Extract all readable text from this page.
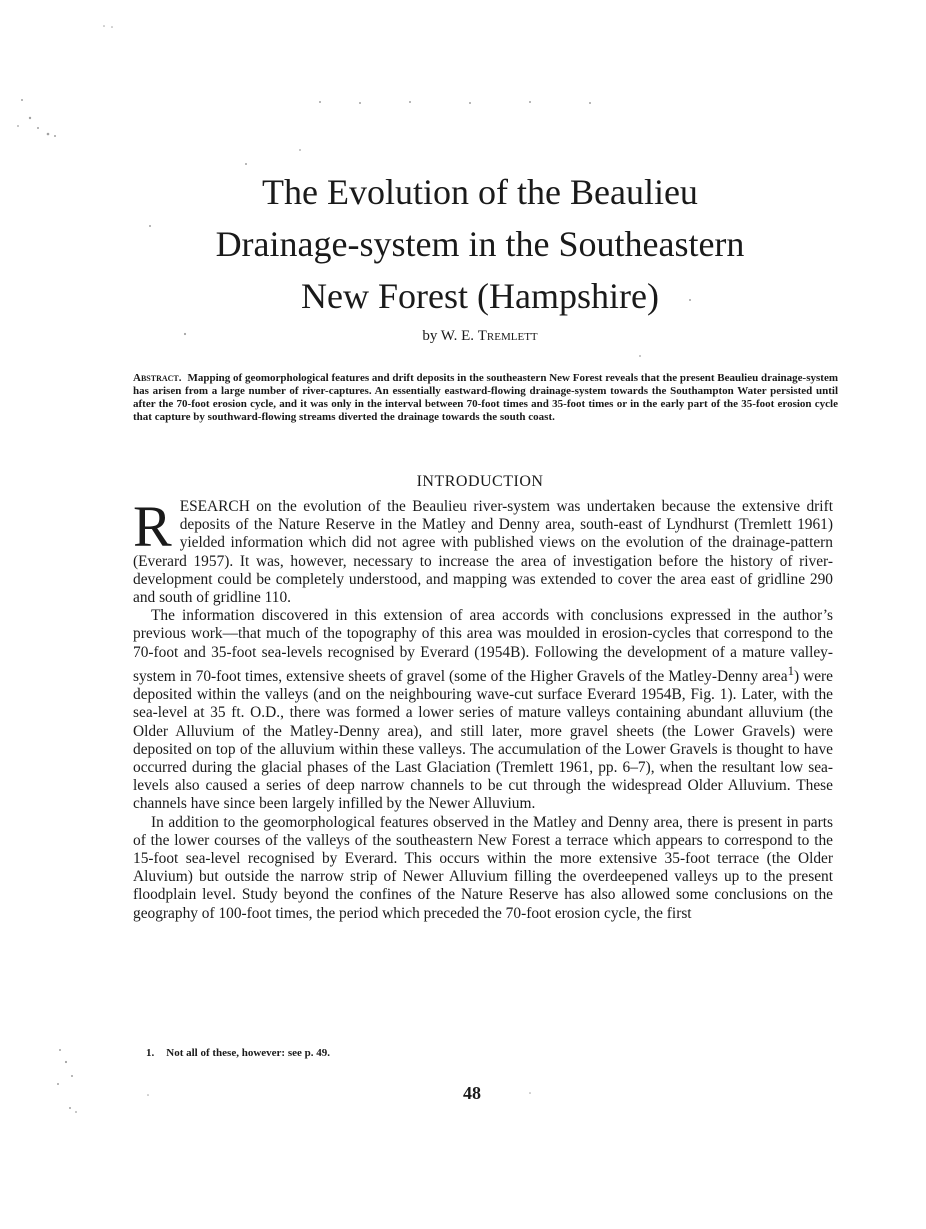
The Evolution of the Beaulieu
Drainage-system in the Southeastern
New Forest (Hampshire)
by W. E. Tremlett

Abstract. Mapping of geomorphological features and drift deposits in the southeastern New Forest reveals that the present Beaulieu drainage-system has arisen from a large number of river-captures. An essentially eastward-flowing drainage-system towards the Southampton Water persisted until after the 70-foot erosion cycle, and it was only in the interval between 70-foot times and 35-foot times or in the early part of the 35-foot erosion cycle that capture by southward-flowing streams diverted the drainage towards the south coast.

INTRODUCTION

RESEARCH on the evolution of the Beaulieu river-system was undertaken because the extensive drift deposits of the Nature Reserve in the Matley and Denny area, south-east of Lyndhurst (Tremlett 1961) yielded information which did not agree with published views on the evolution of the drainage-pattern (Everard 1957). It was, however, necessary to increase the area of investigation before the history of river-development could be completely understood, and mapping was extended to cover the area east of gridline 290 and south of gridline 110.

The information discovered in this extension of area accords with conclusions expressed in the author’s previous work—that much of the topography of this area was moulded in erosion-cycles that correspond to the 70-foot and 35-foot sea-levels recognised by Everard (1954B). Following the development of a mature valley-system in 70-foot times, extensive sheets of gravel (some of the Higher Gravels of the Matley-Denny area$^1$) were deposited within the valleys (and on the neighbouring wave-cut surface Everard 1954B, Fig. 1). Later, with the sea-level at 35 ft. O.D., there was formed a lower series of mature valleys containing abundant alluvium (the Older Alluvium of the Matley-Denny area), and still later, more gravel sheets (the Lower Gravels) were deposited on top of the alluvium within these valleys. The accumulation of the Lower Gravels is thought to have occurred during the glacial phases of the Last Glaciation (Tremlett 1961, pp. 6–7), when the resultant low sea-levels also caused a series of deep narrow channels to be cut through the widespread Older Alluvium. These channels have since been largely infilled by the Newer Alluvium.

In addition to the geomorphological features observed in the Matley and Denny area, there is present in parts of the lower courses of the valleys of the southeastern New Forest a terrace which appears to correspond to the 15-foot sea-level recognised by Everard. This occurs within the more extensive 35-foot terrace (the Older Aluvium) but outside the narrow strip of Newer Alluvium filling the overdeepened valleys up to the present floodplain level. Study beyond the confines of the Nature Reserve has also allowed some conclusions on the geography of 100-foot times, the period which preceded the 70-foot erosion cycle, the first

1. Not all of these, however: see p. 49.
48
